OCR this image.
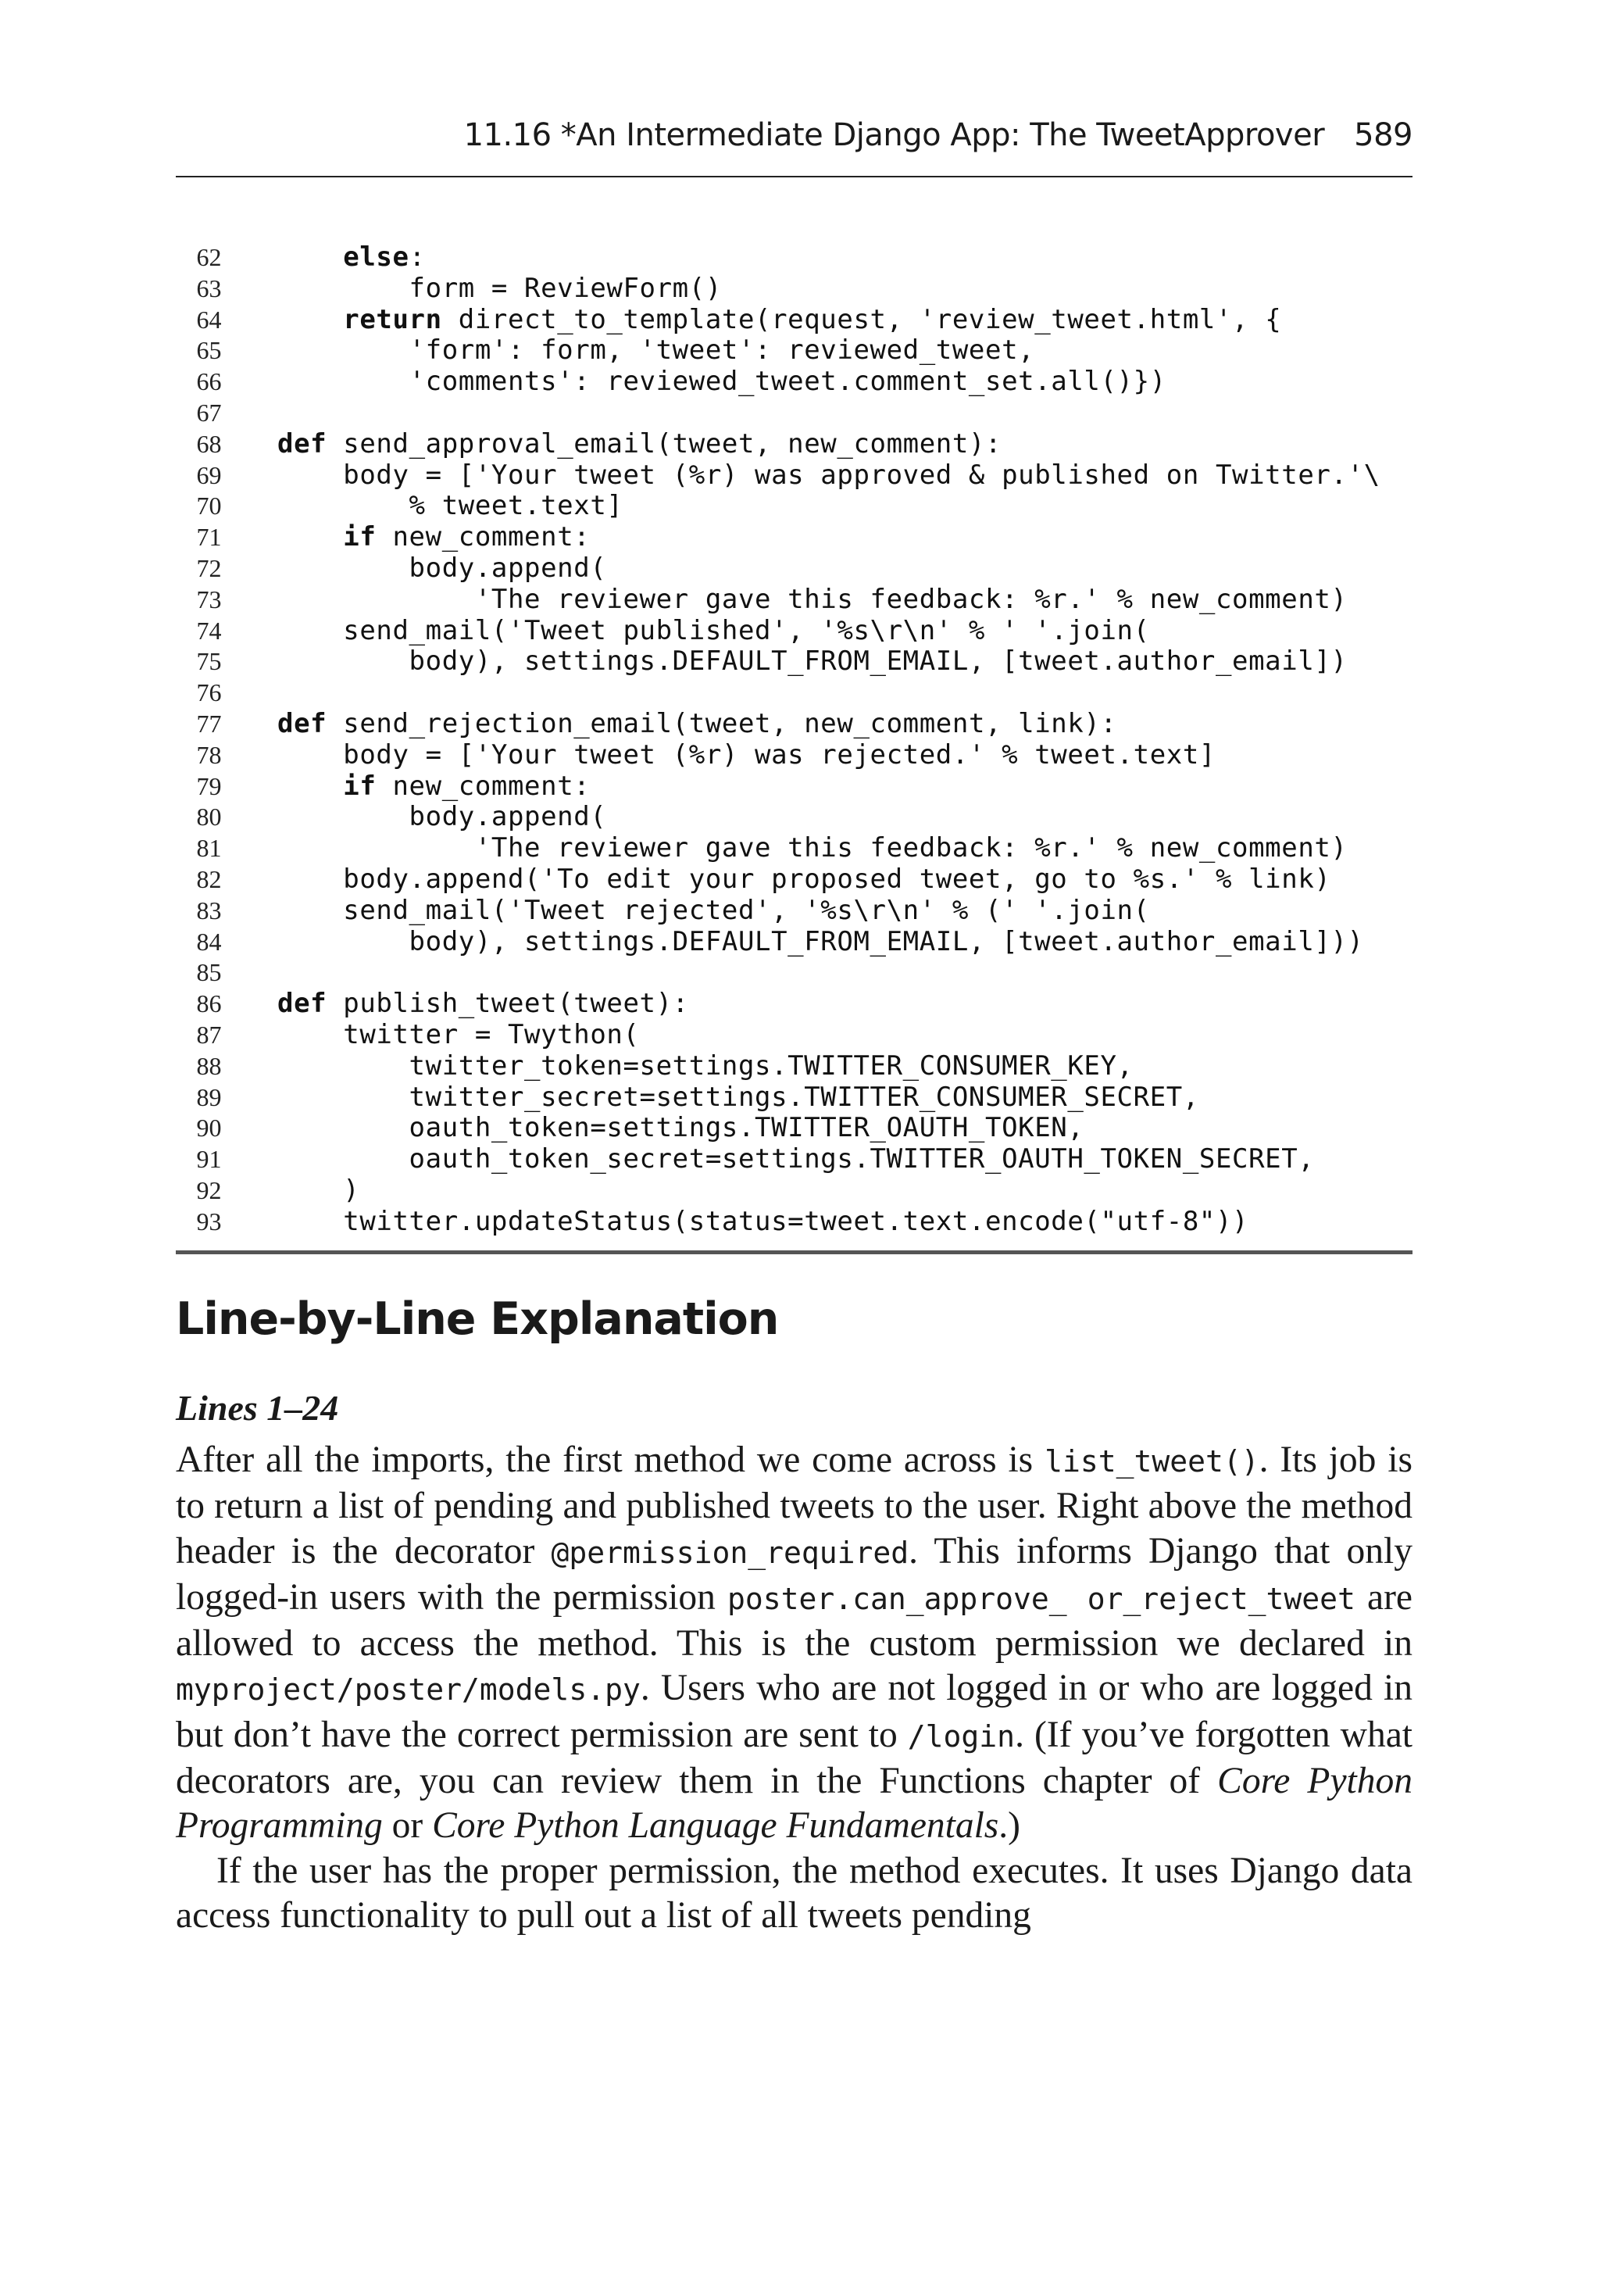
11.16 *An Intermediate Django App: The TweetApprover 589
62	else:
63	form = ReviewForm()
64	return direct_to_template(request, 'review_tweet.html', {
65	'form': form, 'tweet': reviewed_tweet,
66	'comments': reviewed_tweet.comment_set.all()})
67
68	def send_approval_email(tweet, new_comment):
69	body = ['Your tweet (%r) was approved & published on Twitter.'\
70	% tweet.text]
71	if new_comment:
72	body.append(
73	'The reviewer gave this feedback: %r.' % new_comment)
74	send_mail('Tweet published', '%s\r\n' % ' '.join(
75	body), settings.DEFAULT_FROM_EMAIL, [tweet.author_email])
76
77	def send_rejection_email(tweet, new_comment, link):
78	body = ['Your tweet (%r) was rejected.' % tweet.text]
79	if new_comment:
80	body.append(
81	'The reviewer gave this feedback: %r.' % new_comment)
82	body.append('To edit your proposed tweet, go to %s.' % link)
83	send_mail('Tweet rejected', '%s\r\n' % (' '.join(
84	body), settings.DEFAULT_FROM_EMAIL, [tweet.author_email]))
85
86	def publish_tweet(tweet):
87	twitter = Twython(
88	twitter_token=settings.TWITTER_CONSUMER_KEY,
89	twitter_secret=settings.TWITTER_CONSUMER_SECRET,
90	oauth_token=settings.TWITTER_OAUTH_TOKEN,
91	oauth_token_secret=settings.TWITTER_OAUTH_TOKEN_SECRET,
92	)
93	twitter.updateStatus(status=tweet.text.encode("utf-8"))
Line-by-Line Explanation
Lines 1–24

After all the imports, the first method we come across is list_tweet(). Its job is to return a list of pending and published tweets to the user. Right above the method header is the decorator @permission_required. This informs Django that only logged-in users with the permission poster.can_approve_ or_reject_tweet are allowed to access the method. This is the custom permission we declared in myproject/poster/models.py. Users who are not logged in or who are logged in but don’t have the correct permission are sent to /login. (If you’ve forgotten what decorators are, you can review them in the Functions chapter of Core Python Programming or Core Python Language Fundamentals.)

If the user has the proper permission, the method executes. It uses Django data access functionality to pull out a list of all tweets pending
